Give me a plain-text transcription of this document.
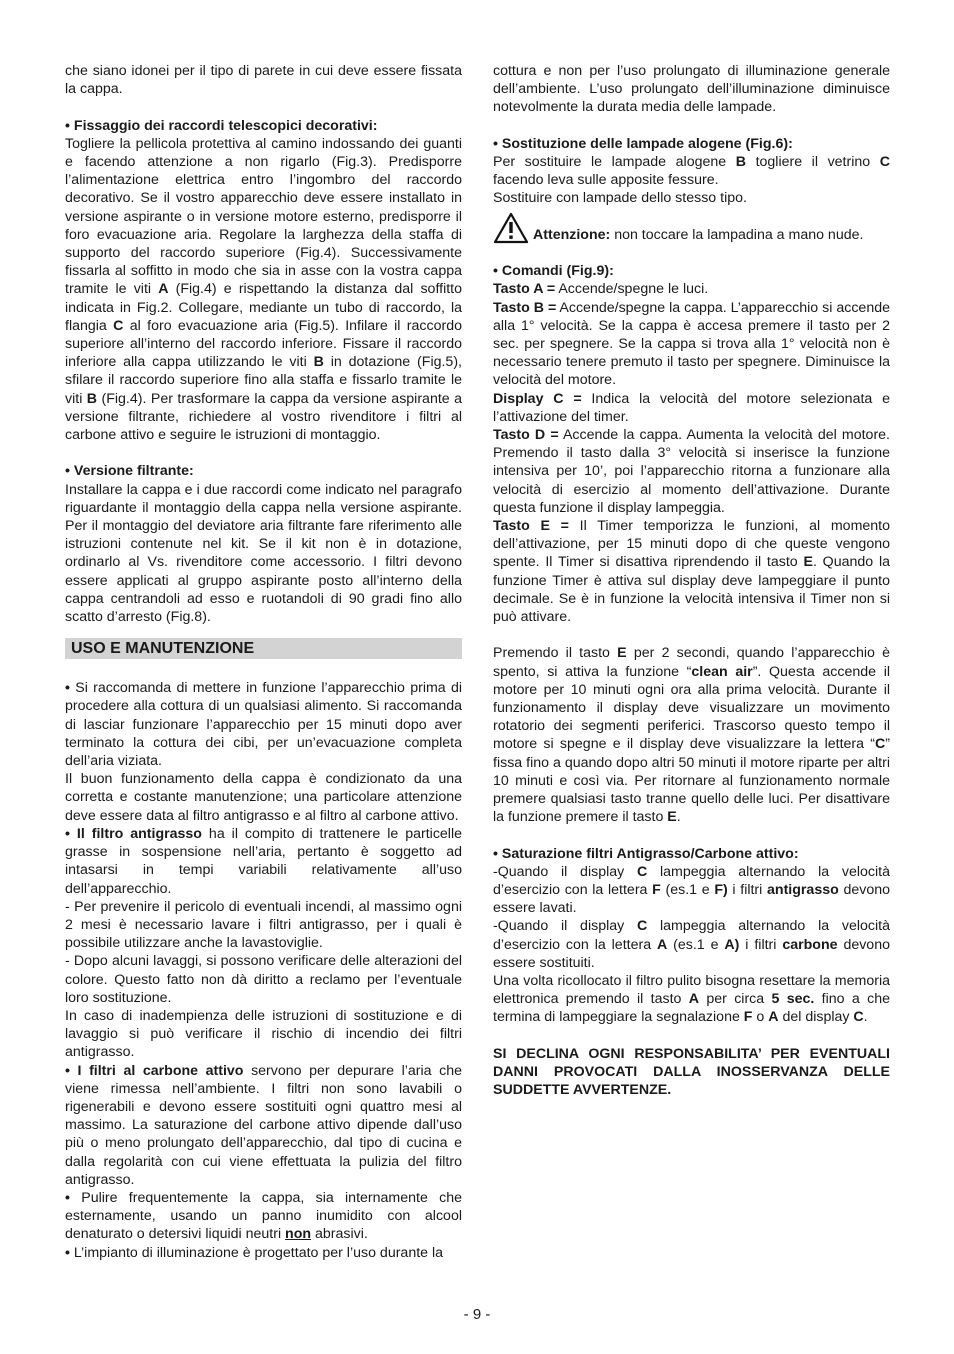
che siano idonei per il tipo di parete in cui deve essere fissata la cappa.

• Fissaggio dei raccordi telescopici decorativi:

Togliere la pellicola protettiva al camino indossando dei guanti e facendo attenzione a non rigarlo (Fig.3). Predisporre l’alimentazione elettrica entro l’ingombro del raccordo decorativo. Se il vostro apparecchio deve essere installato in versione aspirante o in versione motore esterno, predisporre il foro evacuazione aria. Regolare la larghezza della staffa di supporto del raccordo superiore (Fig.4). Successivamente fissarla al soffitto in modo che sia in asse con la vostra cappa tramite le viti A (Fig.4) e rispettando la distanza dal soffitto indicata in Fig.2. Collegare, mediante un tubo di raccordo, la flangia C al foro evacuazione aria (Fig.5). Infilare il raccordo superiore all’interno del raccordo inferiore. Fissare il raccordo inferiore alla cappa utilizzando le viti B in dotazione (Fig.5), sfilare il raccordo superiore fino alla staffa e fissarlo tramite le viti B (Fig.4). Per trasformare la cappa da versione aspirante a versione filtrante, richiedere al vostro rivenditore i filtri al carbone attivo e seguire le istruzioni di montaggio.

• Versione filtrante:

Installare la cappa e i due raccordi come indicato nel paragrafo riguardante il montaggio della cappa nella versione aspirante. Per il montaggio del deviatore aria filtrante fare riferimento alle istruzioni contenute nel kit. Se il kit non è in dotazione, ordinarlo al Vs. rivenditore come accessorio. I filtri devono essere applicati al gruppo aspirante posto all’interno della cappa centrandoli ad esso e ruotandoli di 90 gradi fino allo scatto d’arresto (Fig.8).

USO E MANUTENZIONE

• Si raccomanda di mettere in funzione l’apparecchio prima di procedere alla cottura di un qualsiasi alimento. Si raccomanda di lasciar funzionare l’apparecchio per 15 minuti dopo aver terminato la cottura dei cibi, per un’evacuazione completa dell’aria viziata.

Il buon funzionamento della cappa è condizionato da una corretta e costante manutenzione; una particolare attenzione deve essere data al filtro antigrasso e al filtro al carbone attivo.

• Il filtro antigrasso ha il compito di trattenere le particelle grasse in sospensione nell’aria, pertanto è soggetto ad intasarsi in tempi variabili relativamente all’uso dell’apparecchio.

- Per prevenire il pericolo di eventuali incendi, al massimo ogni 2 mesi è necessario lavare i filtri antigrasso, per i quali è possibile utilizzare anche la lavastoviglie.

- Dopo alcuni lavaggi, si possono verificare delle alterazioni del colore. Questo fatto non dà diritto a reclamo per l’eventuale loro sostituzione.

In caso di inadempienza delle istruzioni di sostituzione e di lavaggio si può verificare il rischio di incendio dei filtri antigrasso.

• I filtri al carbone attivo servono per depurare l’aria che viene rimessa nell’ambiente. I filtri non sono lavabili o rigenerabili e devono essere sostituiti ogni quattro mesi al massimo. La saturazione del carbone attivo dipende dall’uso più o meno prolungato dell’apparecchio, dal tipo di cucina e dalla regolarità con cui viene effettuata la pulizia del filtro antigrasso.

• Pulire frequentemente la cappa, sia internamente che esternamente, usando un panno inumidito con alcool denaturato o detersivi liquidi neutri non abrasivi.

• L’impianto di illuminazione è progettato per l’uso durante la

cottura e non per l’uso prolungato di illuminazione generale dell’ambiente. L’uso prolungato dell’illuminazione diminuisce notevolmente la durata media delle lampade.

• Sostituzione delle lampade alogene (Fig.6):

Per sostituire le lampade alogene B togliere il vetrino C facendo leva sulle apposite fessure.

Sostituire con lampade dello stesso tipo.

Attenzione: non toccare la lampadina a mano nude.

• Comandi (Fig.9):

Tasto A = Accende/spegne le luci.

Tasto B = Accende/spegne la cappa. L’apparecchio si accende alla 1° velocità. Se la cappa è accesa premere il tasto per 2 sec. per spegnere. Se la cappa si trova alla 1° velocità non è necessario tenere premuto il tasto per spegnere. Diminuisce la velocità del motore.

Display C = Indica la velocità del motore selezionata e l’attivazione del timer.

Tasto D = Accende la cappa. Aumenta la velocità del motore. Premendo il tasto dalla 3° velocità si inserisce la funzione intensiva per 10’, poi l’apparecchio ritorna a funzionare alla velocità di esercizio al momento dell’attivazione. Durante questa funzione il display lampeggia.

Tasto E = Il Timer temporizza le funzioni, al momento dell’attivazione, per 15 minuti dopo di che queste vengono spente. Il Timer si disattiva riprendendo il tasto E. Quando la funzione Timer è attiva sul display deve lampeggiare il punto decimale. Se è in funzione la velocità intensiva il Timer non si può attivare.

Premendo il tasto E per 2 secondi, quando l’apparecchio è spento, si attiva la funzione “clean air”. Questa accende il motore per 10 minuti ogni ora alla prima velocità. Durante il funzionamento il display deve visualizzare un movimento rotatorio dei segmenti periferici. Trascorso questo tempo il motore si spegne e il display deve visualizzare la lettera “C” fissa fino a quando dopo altri 50 minuti il motore riparte per altri 10 minuti e così via. Per ritornare al funzionamento normale premere qualsiasi tasto tranne quello delle luci. Per disattivare la funzione premere il tasto E.

• Saturazione filtri Antigrasso/Carbone attivo:

-Quando il display C lampeggia alternando la velocità d’esercizio con la lettera F (es.1 e F) i filtri antigrasso devono essere lavati.

-Quando il display C lampeggia alternando la velocità d’esercizio con la lettera A (es.1 e A) i filtri carbone devono essere sostituiti.

Una volta ricollocato il filtro pulito bisogna resettare la memoria elettronica premendo il tasto A per circa 5 sec. fino a che termina di lampeggiare la segnalazione F o A del display C.

SI DECLINA OGNI RESPONSABILITA’ PER EVENTUALI DANNI PROVOCATI DALLA INOSSERVANZA DELLE SUDDETTE AVVERTENZE.

- 9 -
